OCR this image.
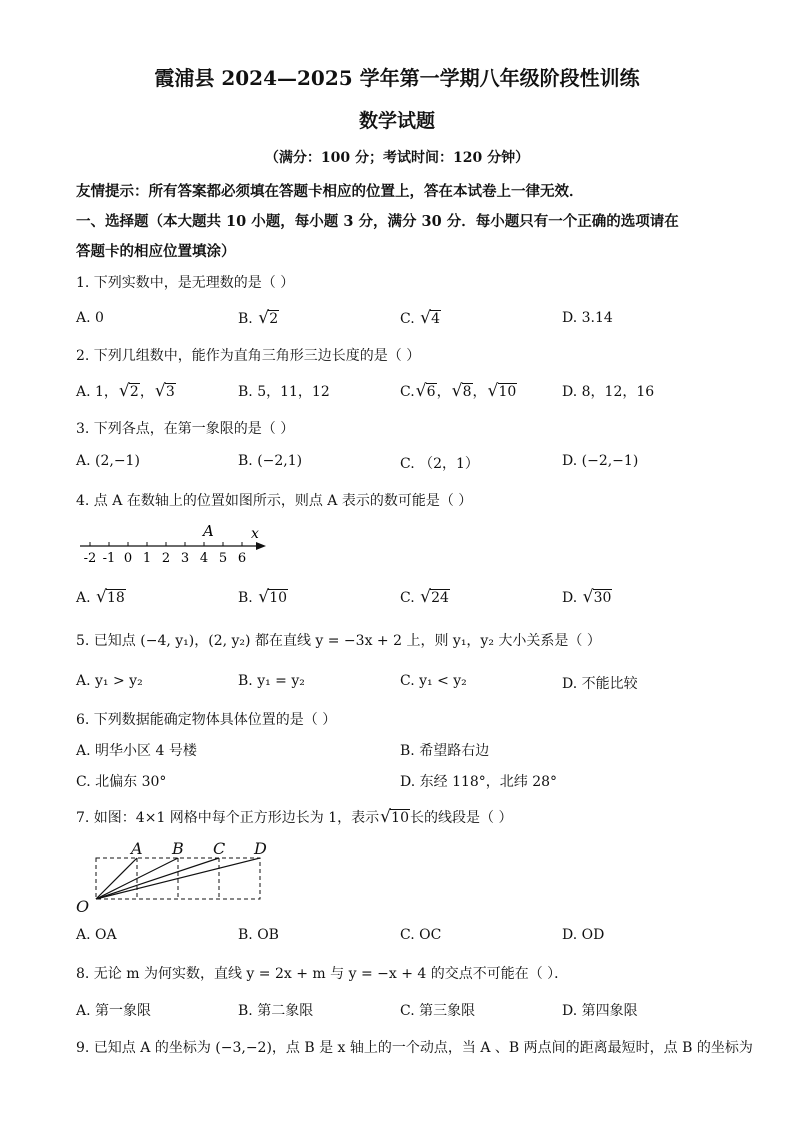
霞浦县 2024—2025 学年第一学期八年级阶段性训练
数学试题
（满分：100 分；考试时间：120 分钟）
友情提示：所有答案都必须填在答题卡相应的位置上，答在本试卷上一律无效．
一、选择题（本大题共 10 小题，每小题 3 分，满分 30 分．每小题只有一个正确的选项请在
答题卡的相应位置填涂）
1. 下列实数中，是无理数的是（ ）
A. 0	B. √ 2	C. √ 4	D. 3.14
2. 下列几组数中，能作为直角三角形三边长度的是（ ）
A. 1， √ 2， √ 3	B. 5，11，12	C. √ 6， √ 8， √ 10	D. 8，12，16
3. 下列各点，在第一象限的是（ ）
A. (2,−1)	B. (−2,1)	C. （2，1）	D. (−2,−1)
4. 点 A 在数轴上的位置如图所示，则点 A 表示的数可能是（ ）
-2 -1 0 1 2 3 4 5 6
A	x
A. √ 18	B. √ 10	C. √ 24	D. √ 30
5. 已知点 (−4, y₁)，(2, y₂) 都在直线 y = −3x + 2 上，则 y₁，y₂ 大小关系是（ ）
A. y₁ > y₂	B. y₁ = y₂	C. y₁ < y₂	D. 不能比较
6. 下列数据能确定物体具体位置的是（ ）
A. 明华小区 4 号楼	B. 希望路右边
C. 北偏东 30°	D. 东经 118°，北纬 28°
7. 如图：4×1 网格中每个正方形边长为 1，表示 √ 10长的线段是（ ）
A B C D
O
A. OA	B. OB	C. OC	D. OD
8. 无论 m 为何实数，直线 y = 2x + m 与 y = −x + 4 的交点不可能在（ ）．
A. 第一象限	B. 第二象限	C. 第三象限	D. 第四象限
9. 已知点 A 的坐标为 (−3,−2)，点 B 是 x 轴上的一个动点，当 A 、B 两点间的距离最短时，点 B 的坐标为
